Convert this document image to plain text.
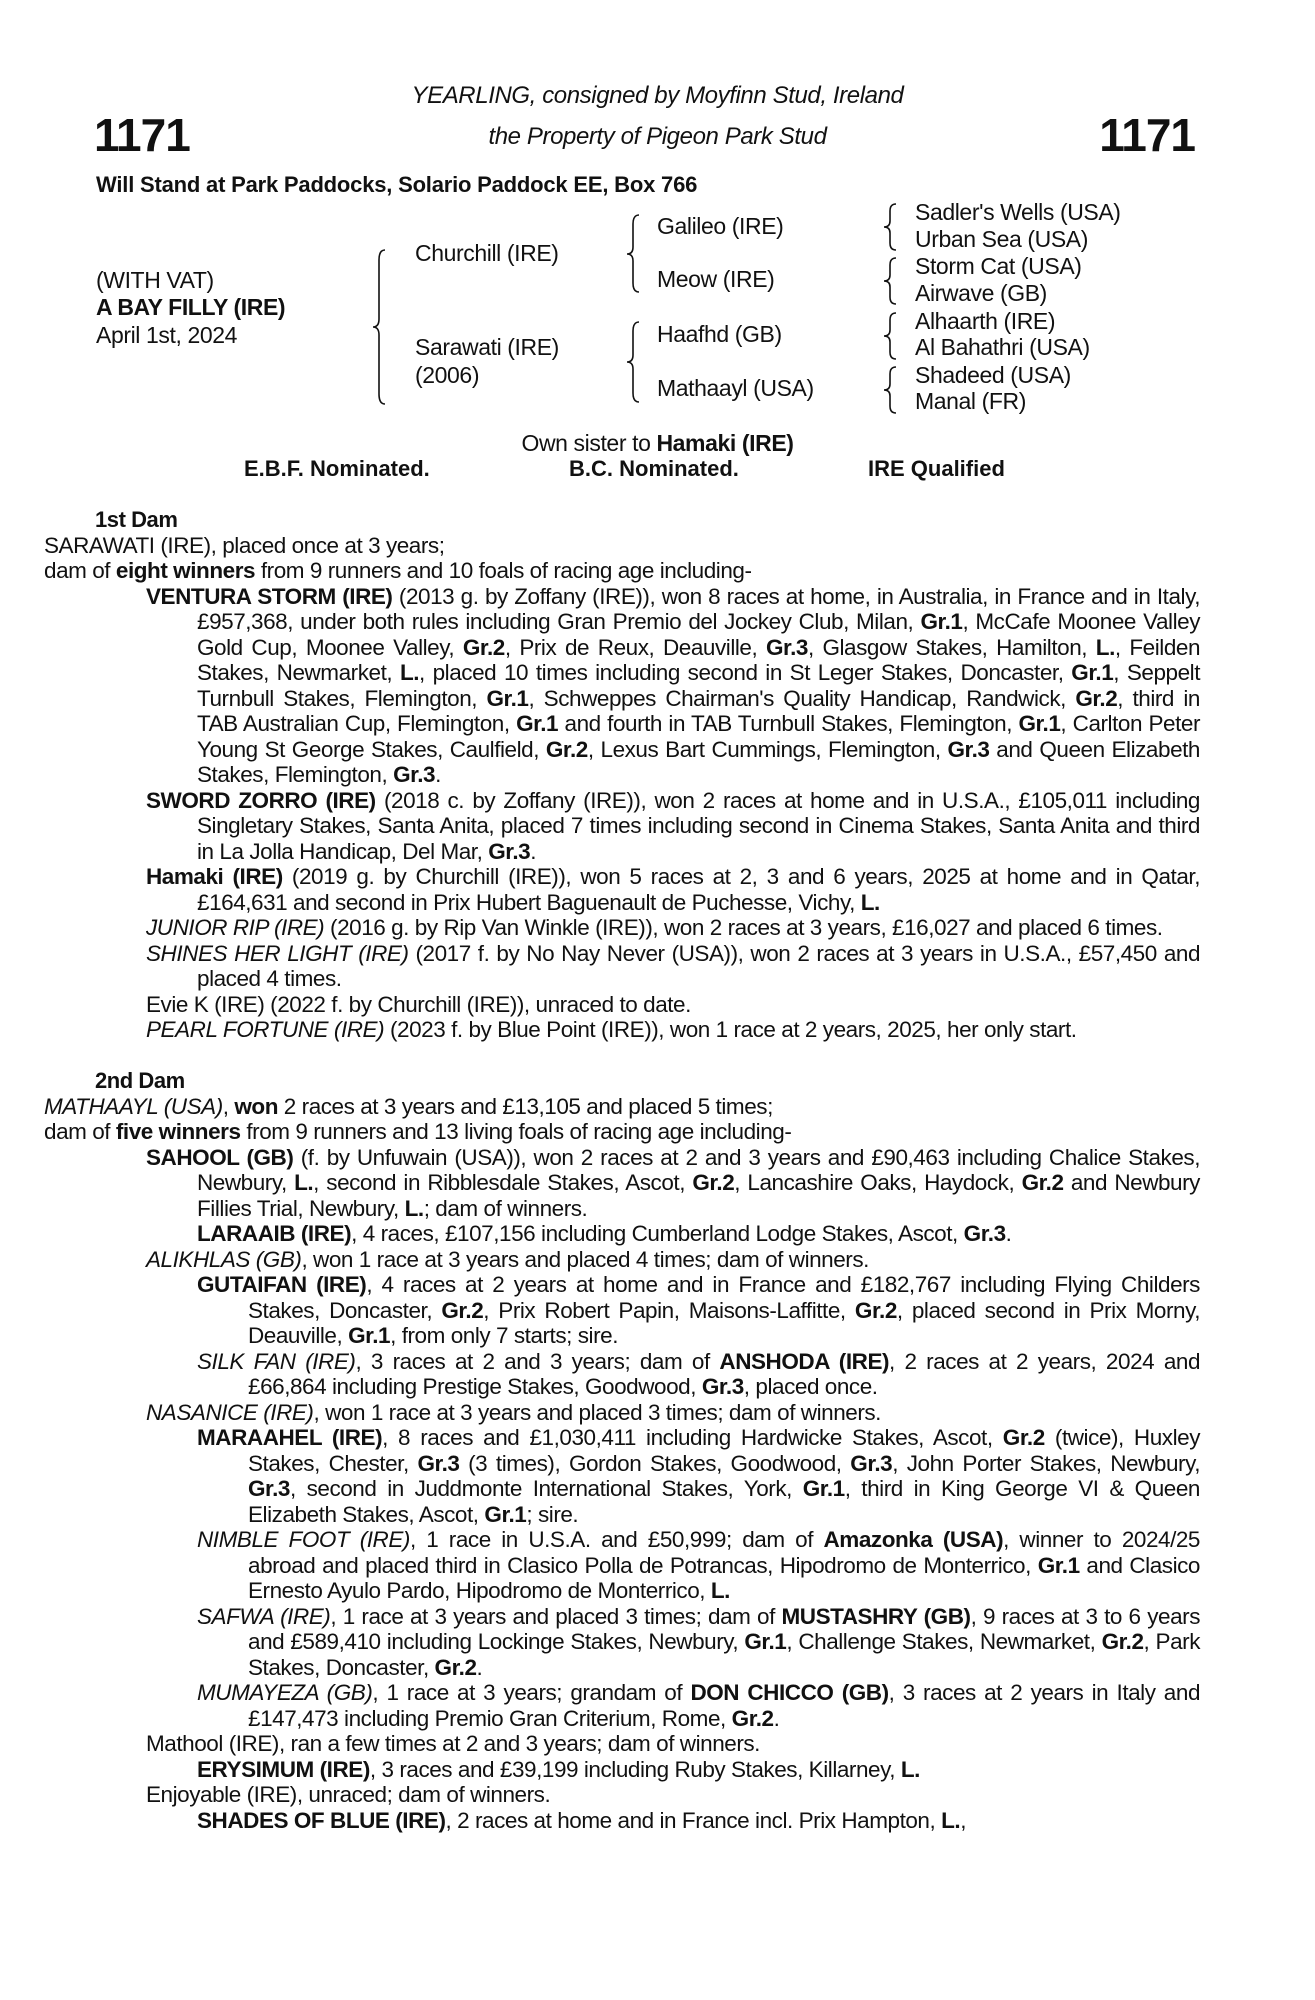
YEARLING, consigned by Moyfinn Stud, Ireland
the Property of Pigeon Park Stud
1171	1171
Will Stand at Park Paddocks, Solario Paddock EE, Box 766
(WITH VAT)
A BAY FILLY (IRE)
April 1st, 2024
Churchill (IRE)
Sarawati (IRE)
(2006)
Galileo (IRE)
Meow (IRE)
Haafhd (GB)
Mathaayl (USA)
Sadler's Wells (USA)
Urban Sea (USA)
Storm Cat (USA)
Airwave (GB)
Alhaarth (IRE)
Al Bahathri (USA)
Shadeed (USA)
Manal (FR)
Own sister to Hamaki (IRE)
E.B.F. Nominated.	B.C. Nominated.	IRE Qualified
1st Dam
SARAWATI (IRE), placed once at 3 years;
dam of eight winners from 9 runners and 10 foals of racing age including-
VENTURA STORM (IRE) (2013 g. by Zoffany (IRE)), won 8 races at home, in Australia, in France and in Italy, £957,368, under both rules including Gran Premio del Jockey Club, Milan, Gr.1, McCafe Moonee Valley Gold Cup, Moonee Valley, Gr.2, Prix de Reux, Deauville, Gr.3, Glasgow Stakes, Hamilton, L., Feilden Stakes, Newmarket, L., placed 10 times including second in St Leger Stakes, Doncaster, Gr.1, Seppelt Turnbull Stakes, Flemington, Gr.1, Schweppes Chairman's Quality Handicap, Randwick, Gr.2, third in TAB Australian Cup, Flemington, Gr.1 and fourth in TAB Turnbull Stakes, Flemington, Gr.1, Carlton Peter Young St George Stakes, Caulfield, Gr.2, Lexus Bart Cummings, Flemington, Gr.3 and Queen Elizabeth Stakes, Flemington, Gr.3.
SWORD ZORRO (IRE) (2018 c. by Zoffany (IRE)), won 2 races at home and in U.S.A., £105,011 including Singletary Stakes, Santa Anita, placed 7 times including second in Cinema Stakes, Santa Anita and third in La Jolla Handicap, Del Mar, Gr.3.
Hamaki (IRE) (2019 g. by Churchill (IRE)), won 5 races at 2, 3 and 6 years, 2025 at home and in Qatar, £164,631 and second in Prix Hubert Baguenault de Puchesse, Vichy, L.
JUNIOR RIP (IRE) (2016 g. by Rip Van Winkle (IRE)), won 2 races at 3 years, £16,027 and placed 6 times.
SHINES HER LIGHT (IRE) (2017 f. by No Nay Never (USA)), won 2 races at 3 years in U.S.A., £57,450 and placed 4 times.
Evie K (IRE) (2022 f. by Churchill (IRE)), unraced to date.
PEARL FORTUNE (IRE) (2023 f. by Blue Point (IRE)), won 1 race at 2 years, 2025, her only start.
2nd Dam
MATHAAYL (USA), won 2 races at 3 years and £13,105 and placed 5 times;
dam of five winners from 9 runners and 13 living foals of racing age including-
SAHOOL (GB) (f. by Unfuwain (USA)), won 2 races at 2 and 3 years and £90,463 including Chalice Stakes, Newbury, L., second in Ribblesdale Stakes, Ascot, Gr.2, Lancashire Oaks, Haydock, Gr.2 and Newbury Fillies Trial, Newbury, L.; dam of winners.
LARAAIB (IRE), 4 races, £107,156 including Cumberland Lodge Stakes, Ascot, Gr.3.
ALIKHLAS (GB), won 1 race at 3 years and placed 4 times; dam of winners.
GUTAIFAN (IRE), 4 races at 2 years at home and in France and £182,767 including Flying Childers Stakes, Doncaster, Gr.2, Prix Robert Papin, Maisons-Laffitte, Gr.2, placed second in Prix Morny, Deauville, Gr.1, from only 7 starts; sire.
SILK FAN (IRE), 3 races at 2 and 3 years; dam of ANSHODA (IRE), 2 races at 2 years, 2024 and £66,864 including Prestige Stakes, Goodwood, Gr.3, placed once.
NASANICE (IRE), won 1 race at 3 years and placed 3 times; dam of winners.
MARAAHEL (IRE), 8 races and £1,030,411 including Hardwicke Stakes, Ascot, Gr.2 (twice), Huxley Stakes, Chester, Gr.3 (3 times), Gordon Stakes, Goodwood, Gr.3, John Porter Stakes, Newbury, Gr.3, second in Juddmonte International Stakes, York, Gr.1, third in King George VI & Queen Elizabeth Stakes, Ascot, Gr.1; sire.
NIMBLE FOOT (IRE), 1 race in U.S.A. and £50,999; dam of Amazonka (USA), winner to 2024/25 abroad and placed third in Clasico Polla de Potrancas, Hipodromo de Monterrico, Gr.1 and Clasico Ernesto Ayulo Pardo, Hipodromo de Monterrico, L.
SAFWA (IRE), 1 race at 3 years and placed 3 times; dam of MUSTASHRY (GB), 9 races at 3 to 6 years and £589,410 including Lockinge Stakes, Newbury, Gr.1, Challenge Stakes, Newmarket, Gr.2, Park Stakes, Doncaster, Gr.2.
MUMAYEZA (GB), 1 race at 3 years; grandam of DON CHICCO (GB), 3 races at 2 years in Italy and £147,473 including Premio Gran Criterium, Rome, Gr.2.
Mathool (IRE), ran a few times at 2 and 3 years; dam of winners.
ERYSIMUM (IRE), 3 races and £39,199 including Ruby Stakes, Killarney, L.
Enjoyable (IRE), unraced; dam of winners.
SHADES OF BLUE (IRE), 2 races at home and in France incl. Prix Hampton, L.,
